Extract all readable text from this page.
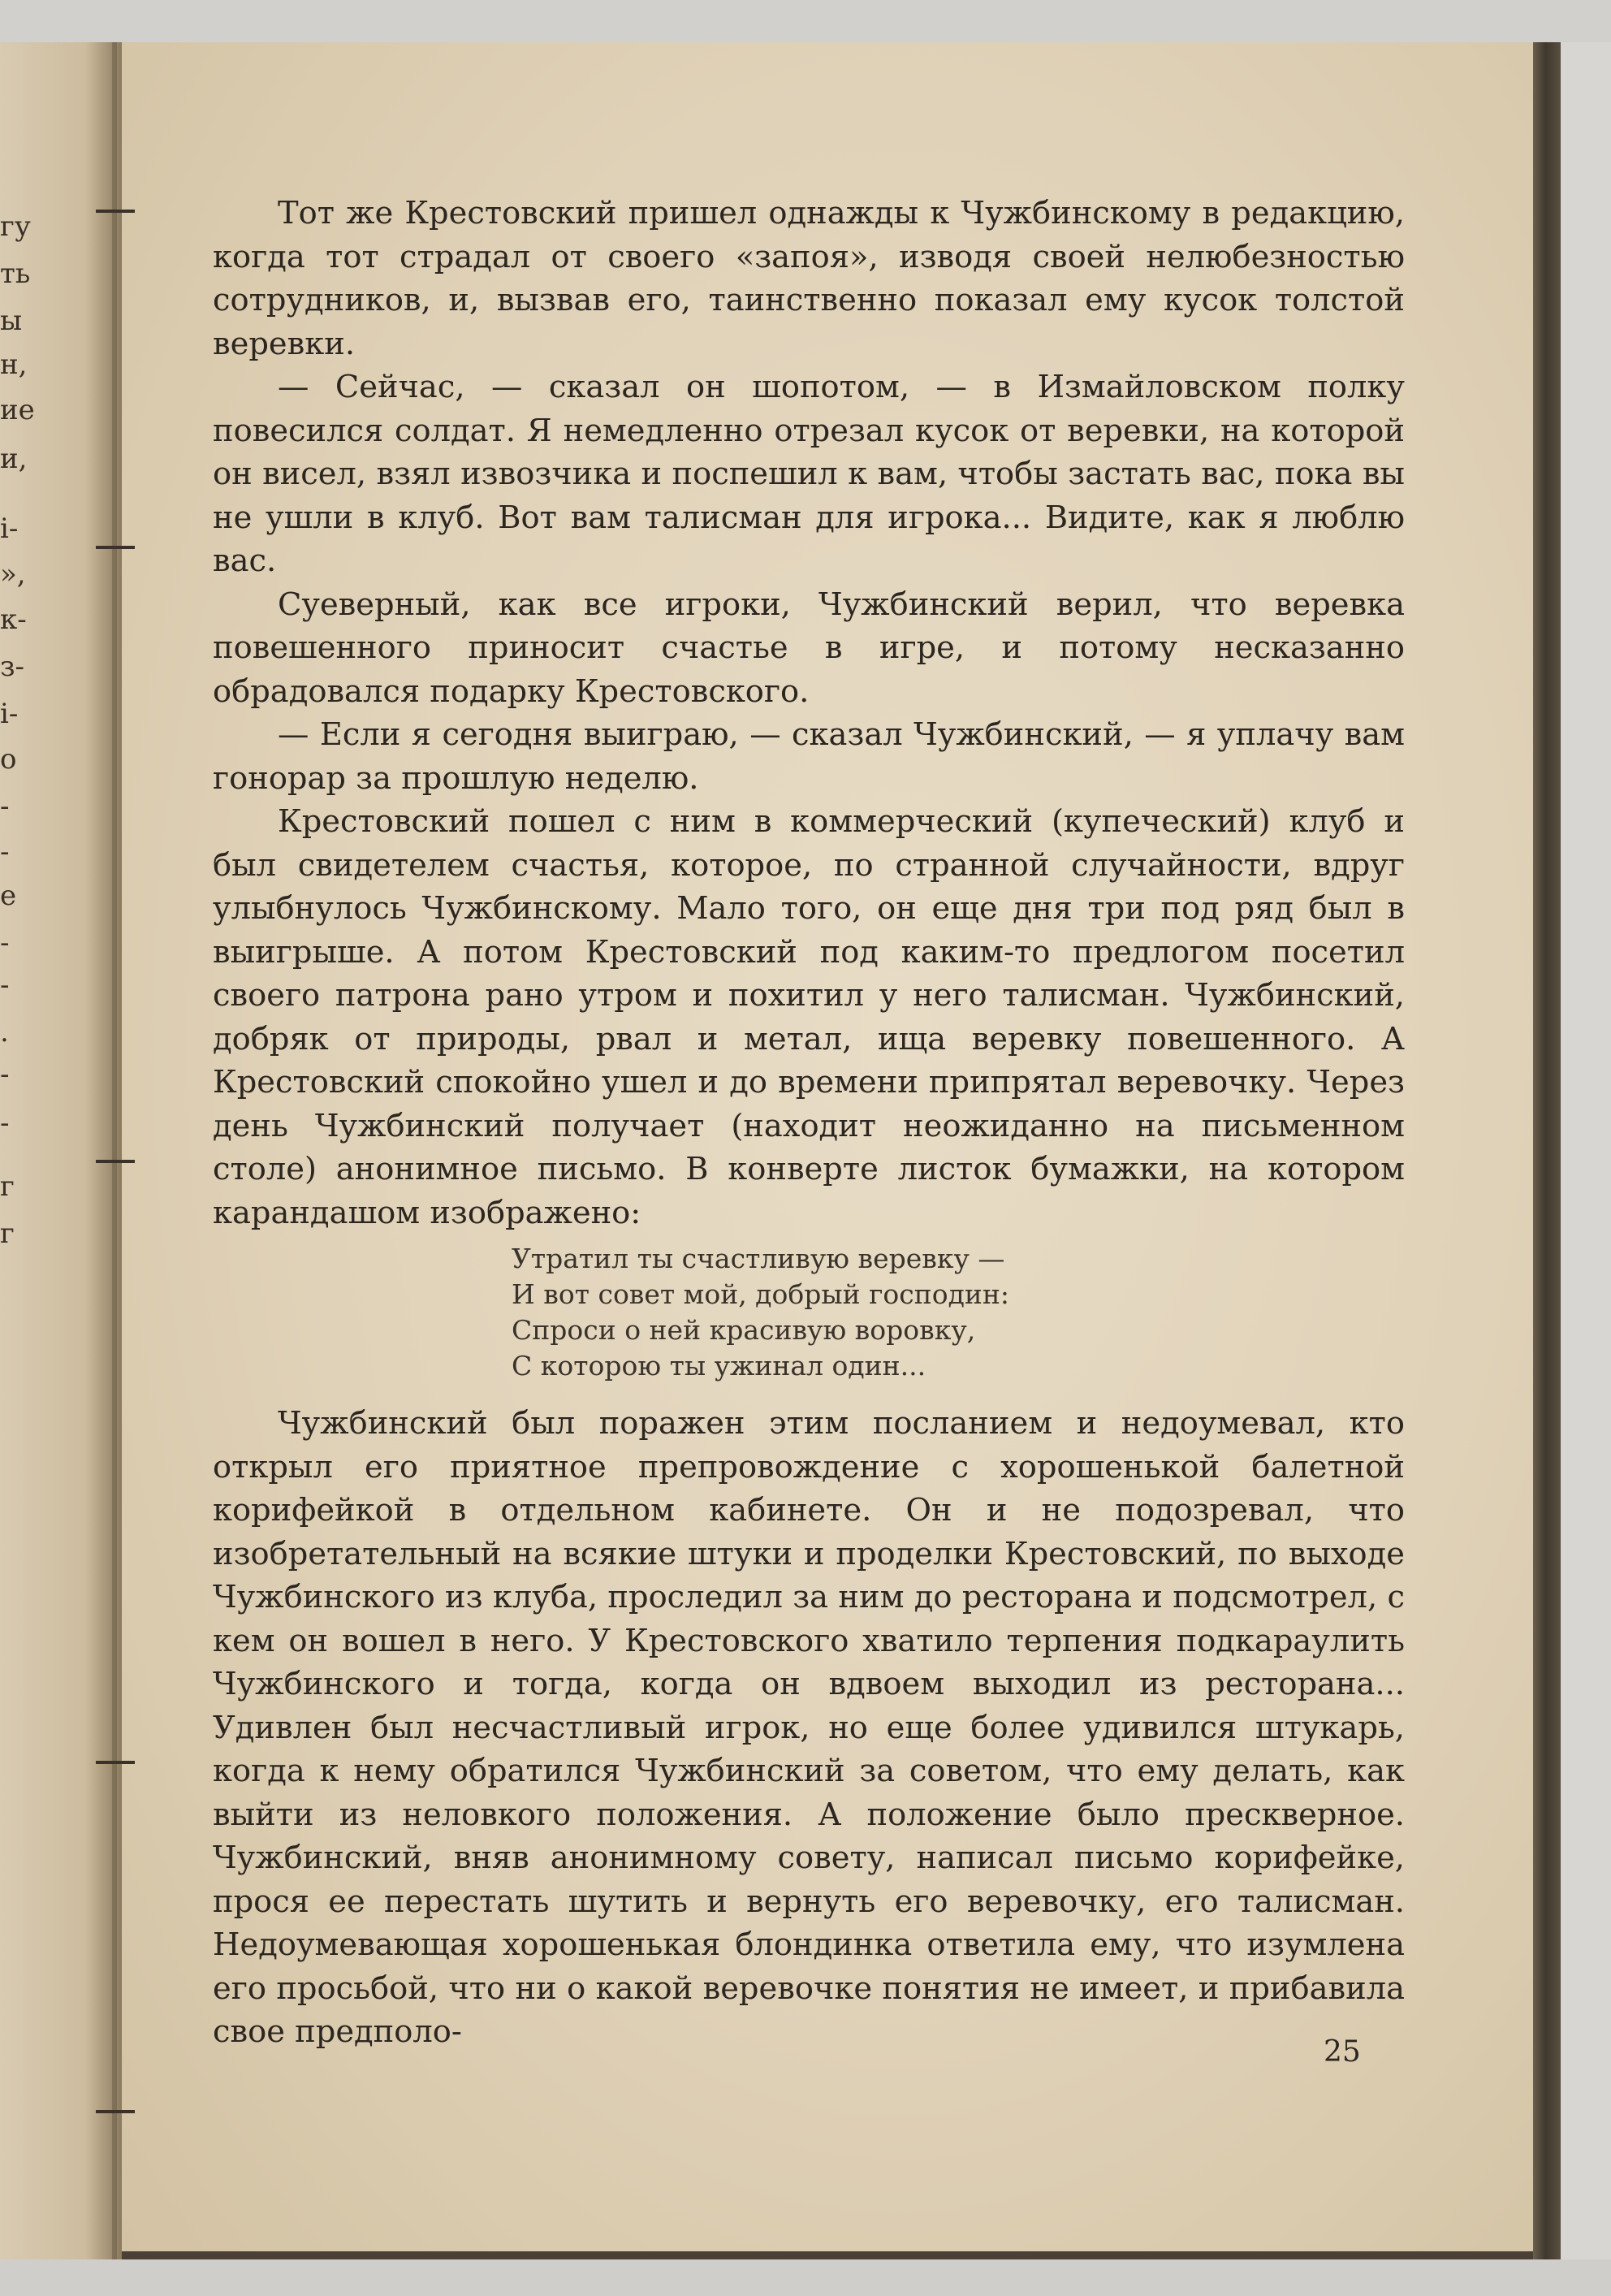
гу
ть
ы
н,
ие
и,
і-
»,
к-
з-
і-
о
-
-
е
-
-
.
-
-
г
г

Тот же Крестовский пришел однажды к Чужбинскому в редакцию, когда тот страдал от своего «запоя», изводя своей нелюбезностью сотрудников, и, вызвав его, таинственно показал ему кусок толстой веревки.

— Сейчас, — сказал он шопотом, — в Измайловском полку повесился солдат. Я немедленно отрезал кусок от веревки, на которой он висел, взял извозчика и поспешил к вам, чтобы застать вас, пока вы не ушли в клуб. Вот вам талисман для игрока... Видите, как я люблю вас.

Суеверный, как все игроки, Чужбинский верил, что веревка повешенного приносит счастье в игре, и потому несказанно обрадовался подарку Крестовского.

— Если я сегодня выиграю, — сказал Чужбинский, — я уплачу вам гонорар за прошлую неделю.

Крестовский пошел с ним в коммерческий (купеческий) клуб и был свидетелем счастья, которое, по странной случайности, вдруг улыбнулось Чужбинскому. Мало того, он еще дня три под ряд был в выигрыше. А потом Крестовский под каким-то предлогом посетил своего патрона рано утром и похитил у него талисман. Чужбинский, добряк от природы, рвал и метал, ища веревку повешенного. А Крестовский спокойно ушел и до времени припрятал веревочку. Через день Чужбинский получает (находит неожиданно на письменном столе) анонимное письмо. В конверте листок бумажки, на котором карандашом изображено:

Утратил ты счастливую веревку —
И вот совет мой, добрый господин:
Спроси о ней красивую воровку,
С которою ты ужинал один...

Чужбинский был поражен этим посланием и недоумевал, кто открыл его приятное препровождение с хорошенькой балетной корифейкой в отдельном кабинете. Он и не подозревал, что изобретательный на всякие штуки и проделки Крестовский, по выходе Чужбинского из клуба, проследил за ним до ресторана и подсмотрел, с кем он вошел в него. У Крестовского хватило терпения подкараулить Чужбинского и тогда, когда он вдвоем выходил из ресторана... Удивлен был несчастливый игрок, но еще более удивился штукарь, когда к нему обратился Чужбинский за советом, что ему делать, как выйти из неловкого положения. А положение было прескверное. Чужбинский, вняв анонимному совету, написал письмо корифейке, прося ее перестать шутить и вернуть его веревочку, его талисман. Недоумевающая хорошенькая блондинка ответила ему, что изумлена его просьбой, что ни о какой веревочке понятия не имеет, и прибавила свое предполо-

25
